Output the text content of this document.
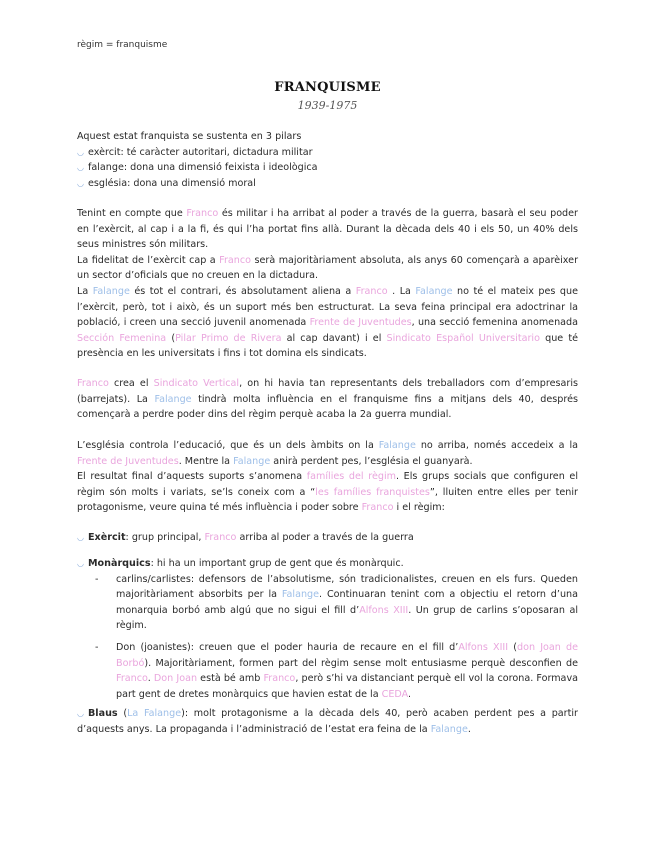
règim = franquisme
FRANQUISME
1939-1975

Aquest estat franquista se sustenta en 3 pilars

◡ exèrcit: té caràcter autoritari, dictadura militar

◡ falange: dona una dimensió feixista i ideològica

◡ església: dona una dimensió moral

Tenint en compte que Franco és militar i ha arribat al poder a través de la guerra, basarà el seu poder en l’exèrcit, al cap i a la fi, és qui l’ha portat fins allà. Durant la dècada dels 40 i els 50, un 40% dels seus ministres són militars.

La fidelitat de l’exèrcit cap a Franco serà majoritàriament absoluta, als anys 60 començarà a aparèixer un sector d’oficials que no creuen en la dictadura.

La Falange és tot el contrari, és absolutament aliena a Franco . La Falange no té el mateix pes que l’exèrcit, però, tot i això, és un suport més ben estructurat. La seva feina principal era adoctrinar la població, i creen una secció juvenil anomenada Frente de Juventudes, una secció femenina anomenada Sección Femenina (Pilar Primo de Rivera al cap davant) i el Sindicato Español Universitario que té presència en les universitats i fins i tot domina els sindicats.

Franco crea el Sindicato Vertical, on hi havia tan representants dels treballadors com d’empresaris (barrejats). La Falange tindrà molta influència en el franquisme fins a mitjans dels 40, després començarà a perdre poder dins del règim perquè acaba la 2a guerra mundial.

L’església controla l’educació, que és un dels àmbits on la Falange no arriba, només accedeix a la Frente de Juventudes. Mentre la Falange anirà perdent pes, l’església el guanyarà.

El resultat final d’aquests suports s’anomena famílies del règim. Els grups socials que configuren el règim són molts i variats, se’ls coneix com a “les famílies franquistes”, lluiten entre elles per tenir protagonisme, veure quina té més influència i poder sobre Franco i el règim:

◡ Exèrcit: grup principal, Franco arriba al poder a través de la guerra

◡ Monàrquics: hi ha un important grup de gent que és monàrquic.

- carlins/carlistes: defensors de l’absolutisme, són tradicionalistes, creuen en els furs. Queden majoritàriament absorbits per la Falange. Continuaran tenint com a objectiu el retorn d’una monarquia borbó amb algú que no sigui el fill d’Alfons XIII. Un grup de carlins s’oposaran al règim.

- Don (joanistes): creuen que el poder hauria de recaure en el fill d’Alfons XIII (don Joan de Borbó). Majoritàriament, formen part del règim sense molt entusiasme perquè desconfien de Franco. Don Joan està bé amb Franco, però s’hi va distanciant perquè ell vol la corona. Formava part gent de dretes monàrquics que havien estat de la CEDA.

◡ Blaus (La Falange): molt protagonisme a la dècada dels 40, però acaben perdent pes a partir d’aquests anys. La propaganda i l’administració de l’estat era feina de la Falange.
